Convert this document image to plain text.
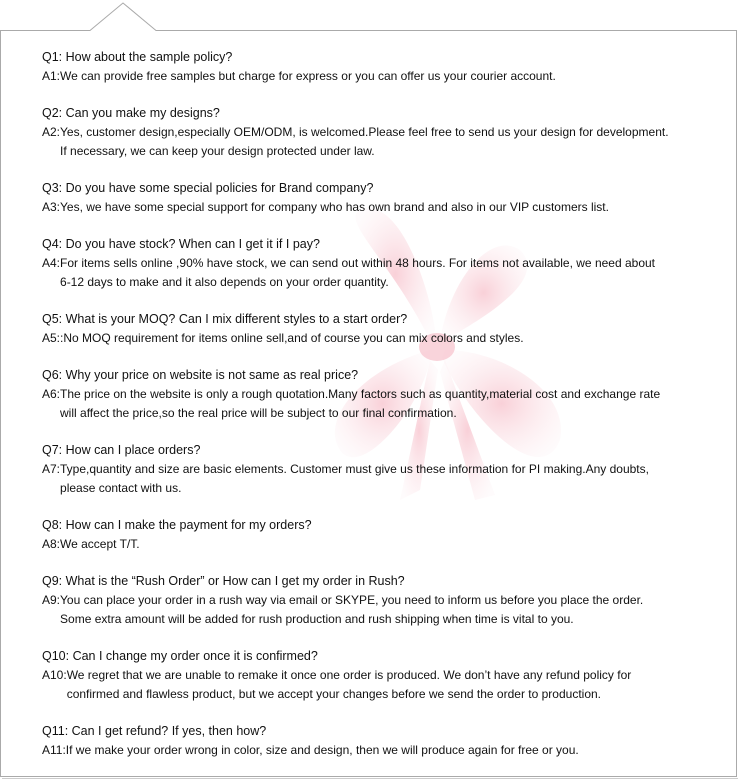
Q1: How about the sample policy?
A1: We can provide free samples but charge for express or you can offer us your courier account.
Q2: Can you make my designs?
A2: Yes, customer design,especially OEM/ODM, is welcomed.Please feel free to send us your design for development.
If necessary, we can keep your design protected under law.
Q3: Do you have some special policies for Brand company?
A3: Yes, we have some special support for company who has own brand and also in our VIP customers list.
Q4: Do you have stock? When can I get it if I pay?
A4: For items sells online ,90% have stock, we can send out within 48 hours. For items not available, we need about
6-12 days to make and it also depends on your order quantity.
Q5: What is your MOQ? Can I mix different styles to a start order?
A5: :No MOQ requirement for items online sell,and of course you can mix colors and styles.
Q6: Why your price on website is not same as real price?
A6: The price on the website is only a rough quotation.Many factors such as quantity,material cost and exchange rate
will affect the price,so the real price will be subject to our final confirmation.
Q7: How can I place orders?
A7: Type,quantity and size are basic elements. Customer must give us these information for PI making.Any doubts,
please contact with us.
Q8: How can I make the payment for my orders?
A8: We accept T/T.
Q9: What is the “Rush Order” or How can I get my order in Rush?
A9: You can place your order in a rush way via email or SKYPE, you need to inform us before you place the order.
Some extra amount will be added for rush production and rush shipping when time is vital to you.
Q10: Can I change my order once it is confirmed?
A10: We regret that we are unable to remake it once one order is produced. We don’t have any refund policy for
confirmed and flawless product, but we accept your changes before we send the order to production.
Q11: Can I get refund? If yes, then how?
A11: If we make your order wrong in color, size and design, then we will produce again for free or you.
